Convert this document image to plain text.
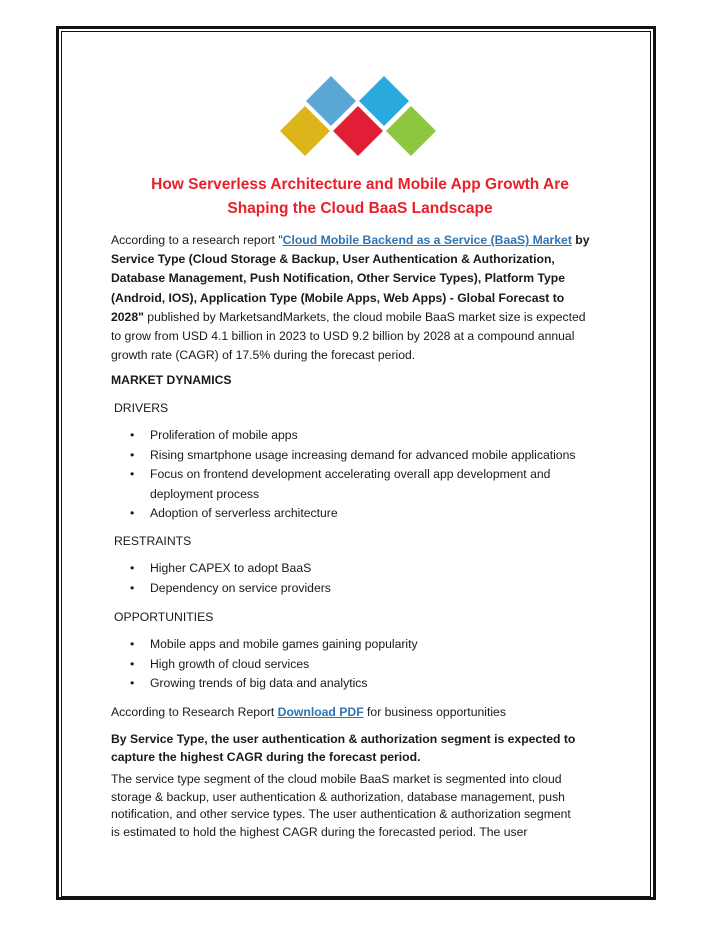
How Serverless Architecture and Mobile App Growth Are
Shaping the Cloud BaaS Landscape
According to a research report "Cloud Mobile Backend as a Service (BaaS) Market by
Service Type (Cloud Storage & Backup, User Authentication & Authorization,
Database Management, Push Notification, Other Service Types), Platform Type
(Android, IOS), Application Type (Mobile Apps, Web Apps) - Global Forecast to
2028" published by MarketsandMarkets, the cloud mobile BaaS market size is expected
to grow from USD 4.1 billion in 2023 to USD 9.2 billion by 2028 at a compound annual
growth rate (CAGR) of 17.5% during the forecast period.
MARKET DYNAMICS
DRIVERS
• Proliferation of mobile apps
• Rising smartphone usage increasing demand for advanced mobile applications
• Focus on frontend development accelerating overall app development and
deployment process
• Adoption of serverless architecture
RESTRAINTS
• Higher CAPEX to adopt BaaS
• Dependency on service providers
OPPORTUNITIES
• Mobile apps and mobile games gaining popularity
• High growth of cloud services
• Growing trends of big data and analytics
According to Research Report Download PDF for business opportunities
By Service Type, the user authentication & authorization segment is expected to
capture the highest CAGR during the forecast period.
The service type segment of the cloud mobile BaaS market is segmented into cloud
storage & backup, user authentication & authorization, database management, push
notification, and other service types. The user authentication & authorization segment
is estimated to hold the highest CAGR during the forecasted period. The user
